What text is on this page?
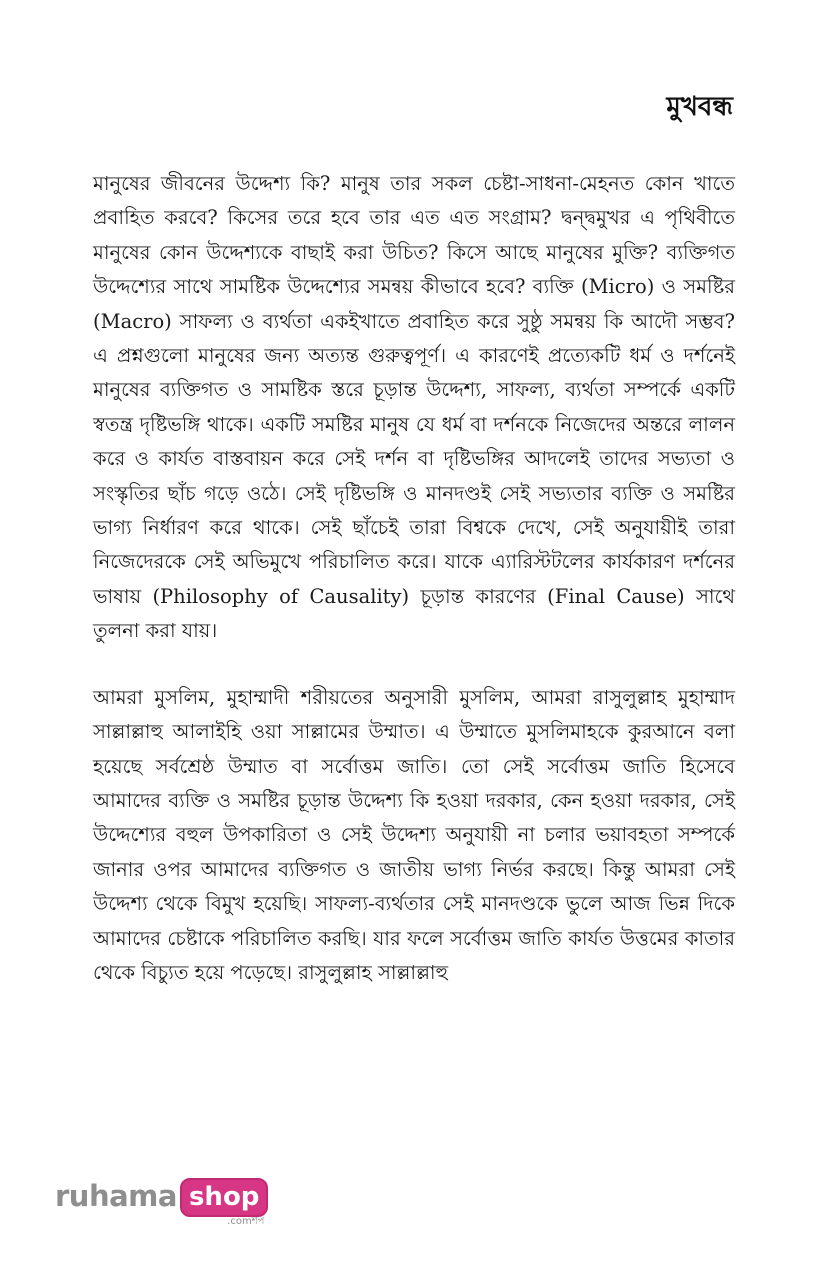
মুখবন্ধ

মানুষের জীবনের উদ্দেশ্য কি? মানুষ তার সকল চেষ্টা-সাধনা-মেহনত কোন খাতে প্রবাহিত করবে? কিসের তরে হবে তার এত এত সংগ্রাম? দ্বন্দ্বমুখর এ পৃথিবীতে মানুষের কোন উদ্দেশ্যকে বাছাই করা উচিত? কিসে আছে মানুষের মুক্তি? ব্যক্তিগত উদ্দেশ্যের সাথে সামষ্টিক উদ্দেশ্যের সমন্বয় কীভাবে হবে? ব্যক্তি (Micro) ও সমষ্টির (Macro) সাফল্য ও ব্যর্থতা একইখাতে প্রবাহিত করে সুষ্ঠু সমন্বয় কি আদৌ সম্ভব? এ প্রশ্নগুলো মানুষের জন্য অত্যন্ত গুরুত্বপূর্ণ। এ কারণেই প্রত্যেকটি ধর্ম ও দর্শনেই মানুষের ব্যক্তিগত ও সামষ্টিক স্তরে চূড়ান্ত উদ্দেশ্য, সাফল্য, ব্যর্থতা সম্পর্কে একটি স্বতন্ত্র দৃষ্টিভঙ্গি থাকে। একটি সমষ্টির মানুষ যে ধর্ম বা দর্শনকে নিজেদের অন্তরে লালন করে ও কার্যত বাস্তবায়ন করে সেই দর্শন বা দৃষ্টিভঙ্গির আদলেই তাদের সভ্যতা ও সংস্কৃতির ছাঁচ গড়ে ওঠে। সেই দৃষ্টিভঙ্গি ও মানদণ্ডই সেই সভ্যতার ব্যক্তি ও সমষ্টির ভাগ্য নির্ধারণ করে থাকে। সেই ছাঁচেই তারা বিশ্বকে দেখে, সেই অনুযায়ীই তারা নিজেদেরকে সেই অভিমুখে পরিচালিত করে। যাকে এ্যারিস্টটলের কার্যকারণ দর্শনের ভাষায় (Philosophy of Causality) চূড়ান্ত কারণের (Final Cause) সাথে তুলনা করা যায়।

আমরা মুসলিম, মুহাম্মাদী শরীয়তের অনুসারী মুসলিম, আমরা রাসুলুল্লাহ মুহাম্মাদ সাল্লাল্লাহু আলাইহি ওয়া সাল্লামের উম্মাত। এ উম্মাতে মুসলিমাহকে কুরআনে বলা হয়েছে সর্বশ্রেষ্ঠ উম্মাত বা সর্বোত্তম জাতি। তো সেই সর্বোত্তম জাতি হিসেবে আমাদের ব্যক্তি ও সমষ্টির চূড়ান্ত উদ্দেশ্য কি হওয়া দরকার, কেন হওয়া দরকার, সেই উদ্দেশ্যের বহুল উপকারিতা ও সেই উদ্দেশ্য অনুযায়ী না চলার ভয়াবহতা সম্পর্কে জানার ওপর আমাদের ব্যক্তিগত ও জাতীয় ভাগ্য নির্ভর করছে। কিন্তু আমরা সেই উদ্দেশ্য থেকে বিমুখ হয়েছি। সাফল্য-ব্যর্থতার সেই মানদণ্ডকে ভুলে আজ ভিন্ন দিকে আমাদের চেষ্টাকে পরিচালিত করছি। যার ফলে সর্বোত্তম জাতি কার্যত উত্তমের কাতার থেকে বিচ্যুত হয়ে পড়েছে। রাসুলুল্লাহ সাল্লাল্লাহু

ruhama shop
.comশপ
